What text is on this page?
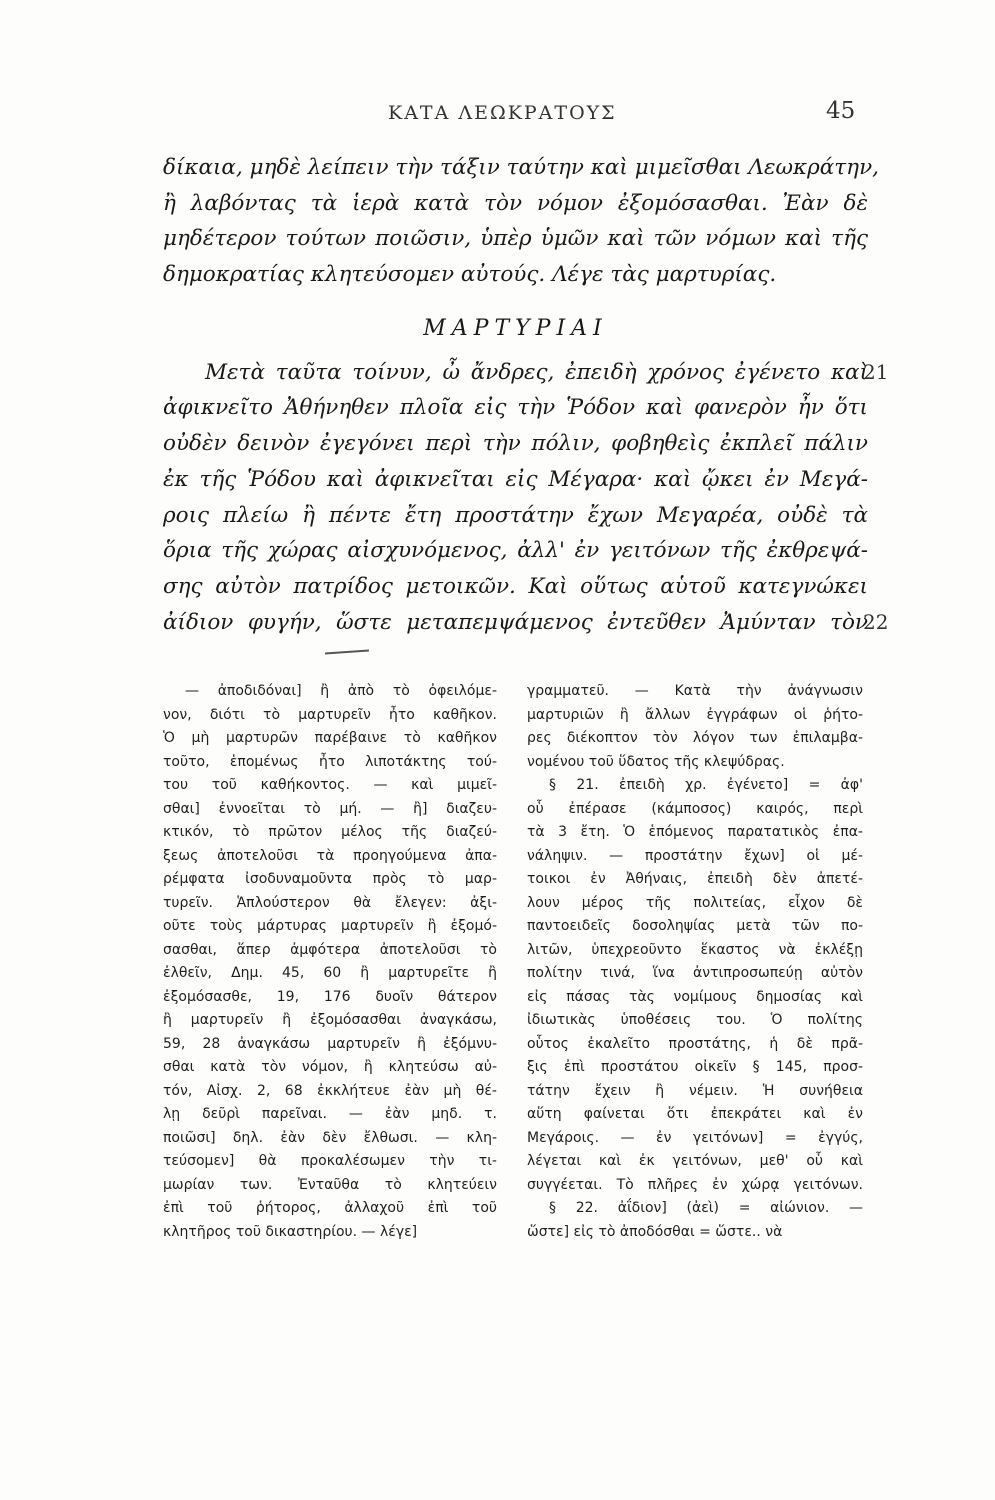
ΚΑΤΑ ΛΕΩΚΡΑΤΟΥΣ	45
δίκαια, μηδὲ λείπειν τὴν τάξιν ταύτην καὶ μιμεῖσθαι Λεωκράτην,
ἢ λαβόντας τὰ ἱερὰ κατὰ τὸν νόμον ἐξομόσασθαι. Ἐὰν δὲ
μηδέτερον τούτων ποιῶσιν, ὑπὲρ ὑμῶν καὶ τῶν νόμων καὶ τῆς
δημοκρατίας κλητεύσομεν αὐτούς. Λέγε τὰς μαρτυρίας.
ΜΑΡΤΥΡΙΑΙ
Μετὰ ταῦτα τοίνυν, ὦ ἄνδρες, ἐπειδὴ χρόνος ἐγένετο καὶ
21
ἀφικνεῖτο Ἀθήνηθεν πλοῖα εἰς τὴν Ῥόδον καὶ φανερὸν ἦν ὅτι
οὐδὲν δεινὸν ἐγεγόνει περὶ τὴν πόλιν, φοβηθεὶς ἐκπλεῖ πάλιν
ἐκ τῆς Ῥόδου καὶ ἀφικνεῖται εἰς Μέγαρα· καὶ ᾤκει ἐν Μεγά-
ροις πλείω ἢ πέντε ἔτη προστάτην ἔχων Μεγαρέα, οὐδὲ τὰ
ὅρια τῆς χώρας αἰσχυνόμενος, ἀλλ' ἐν γειτόνων τῆς ἐκθρεψά-
σης αὐτὸν πατρίδος μετοικῶν. Καὶ οὕτως αὑτοῦ κατεγνώκει
ἀίδιον φυγήν, ὥστε μεταπεμψάμενος ἐντεῦθεν Ἀμύνταν τὸν
22
— ἀποδιδόναι] ἢ ἀπὸ τὸ ὀφειλόμε-
νον, διότι τὸ μαρτυρεῖν ἦτο καθῆκον.
Ὁ μὴ μαρτυρῶν παρέβαινε τὸ καθῆκον
τοῦτο, ἑπομένως ἦτο λιποτάκτης τού-
του τοῦ καθήκοντος. — καὶ μιμεῖ-
σθαι] ἐννοεῖται τὸ μή. — ἢ] διαζευ-
κτικόν, τὸ πρῶτον μέλος τῆς διαζεύ-
ξεως ἀποτελοῦσι τὰ προηγούμενα ἀπα-
ρέμφατα ἰσοδυναμοῦντα πρὸς τὸ μαρ-
τυρεῖν. Ἁπλούστερον θὰ ἔλεγεν: ἀξι-
οῦτε τοὺς μάρτυρας μαρτυρεῖν ἢ ἐξομό-
σασθαι, ἅπερ ἀμφότερα ἀποτελοῦσι τὸ
ἐλθεῖν, Δημ. 45, 60 ἢ μαρτυρεῖτε ἢ
ἐξομόσασθε, 19, 176 δυοῖν θάτερον
ἢ μαρτυρεῖν ἢ ἐξομόσασθαι ἀναγκάσω,
59, 28 ἀναγκάσω μαρτυρεῖν ἢ ἐξόμνυ-
σθαι κατὰ τὸν νόμον, ἢ κλητεύσω αὐ-
τόν, Αἰσχ. 2, 68 ἐκκλήτευε ἐὰν μὴ θέ-
λῃ δεῦρὶ παρεῖναι. — ἐὰν μηδ. τ.
ποιῶσι] δηλ. ἐὰν δὲν ἔλθωσι. — κλη-
τεύσομεν] θὰ προκαλέσωμεν τὴν τι-
μωρίαν των. Ἐνταῦθα τὸ κλητεύειν
ἐπὶ τοῦ ῥήτορος, ἀλλαχοῦ ἐπὶ τοῦ
κλητῆρος τοῦ δικαστηρίου. — λέγε]
γραμματεῦ. — Κατὰ τὴν ἀνάγνωσιν
μαρτυριῶν ἢ ἄλλων ἐγγράφων οἱ ῥήτο-
ρες διέκοπτον τὸν λόγον των ἐπιλαμβα-
νομένου τοῦ ὕδατος τῆς κλεψύδρας.
§ 21. ἐπειδὴ χρ. ἐγένετο] = ἀφ'
οὗ ἐπέρασε (κάμποσος) καιρός, περὶ
τὰ 3 ἔτη. Ὁ ἑπόμενος παρατατικὸς ἐπα-
νάληψιν. — προστάτην ἔχων] οἱ μέ-
τοικοι ἐν Ἀθήναις, ἐπειδὴ δὲν ἀπετέ-
λουν μέρος τῆς πολιτείας, εἶχον δὲ
παντοειδεῖς δοσοληψίας μετὰ τῶν πο-
λιτῶν, ὑπεχρεοῦντο ἕκαστος νὰ ἐκλέξῃ
πολίτην τινά, ἵνα ἀντιπροσωπεύῃ αὐτὸν
εἰς πάσας τὰς νομίμους δημοσίας καὶ
ἰδιωτικὰς ὑποθέσεις του. Ὁ πολίτης
οὗτος ἐκαλεῖτο προστάτης, ἡ δὲ πρᾶ-
ξις ἐπὶ προστάτου οἰκεῖν § 145, προσ-
τάτην ἔχειν ἢ νέμειν. Ἡ συνήθεια
αὕτη φαίνεται ὅτι ἐπεκράτει καὶ ἐν
Μεγάροις. — ἐν γειτόνων] = ἐγγύς,
λέγεται καὶ ἐκ γειτόνων, μεθ' οὗ καὶ
συγγέεται. Τὸ πλῆρες ἐν χώρᾳ γειτόνων.
§ 22. ἀΐδιον] (ἀεὶ) = αἰώνιον. —
ὥστε] εἰς τὸ ἀποδόσθαι = ὥστε.. νὰ
